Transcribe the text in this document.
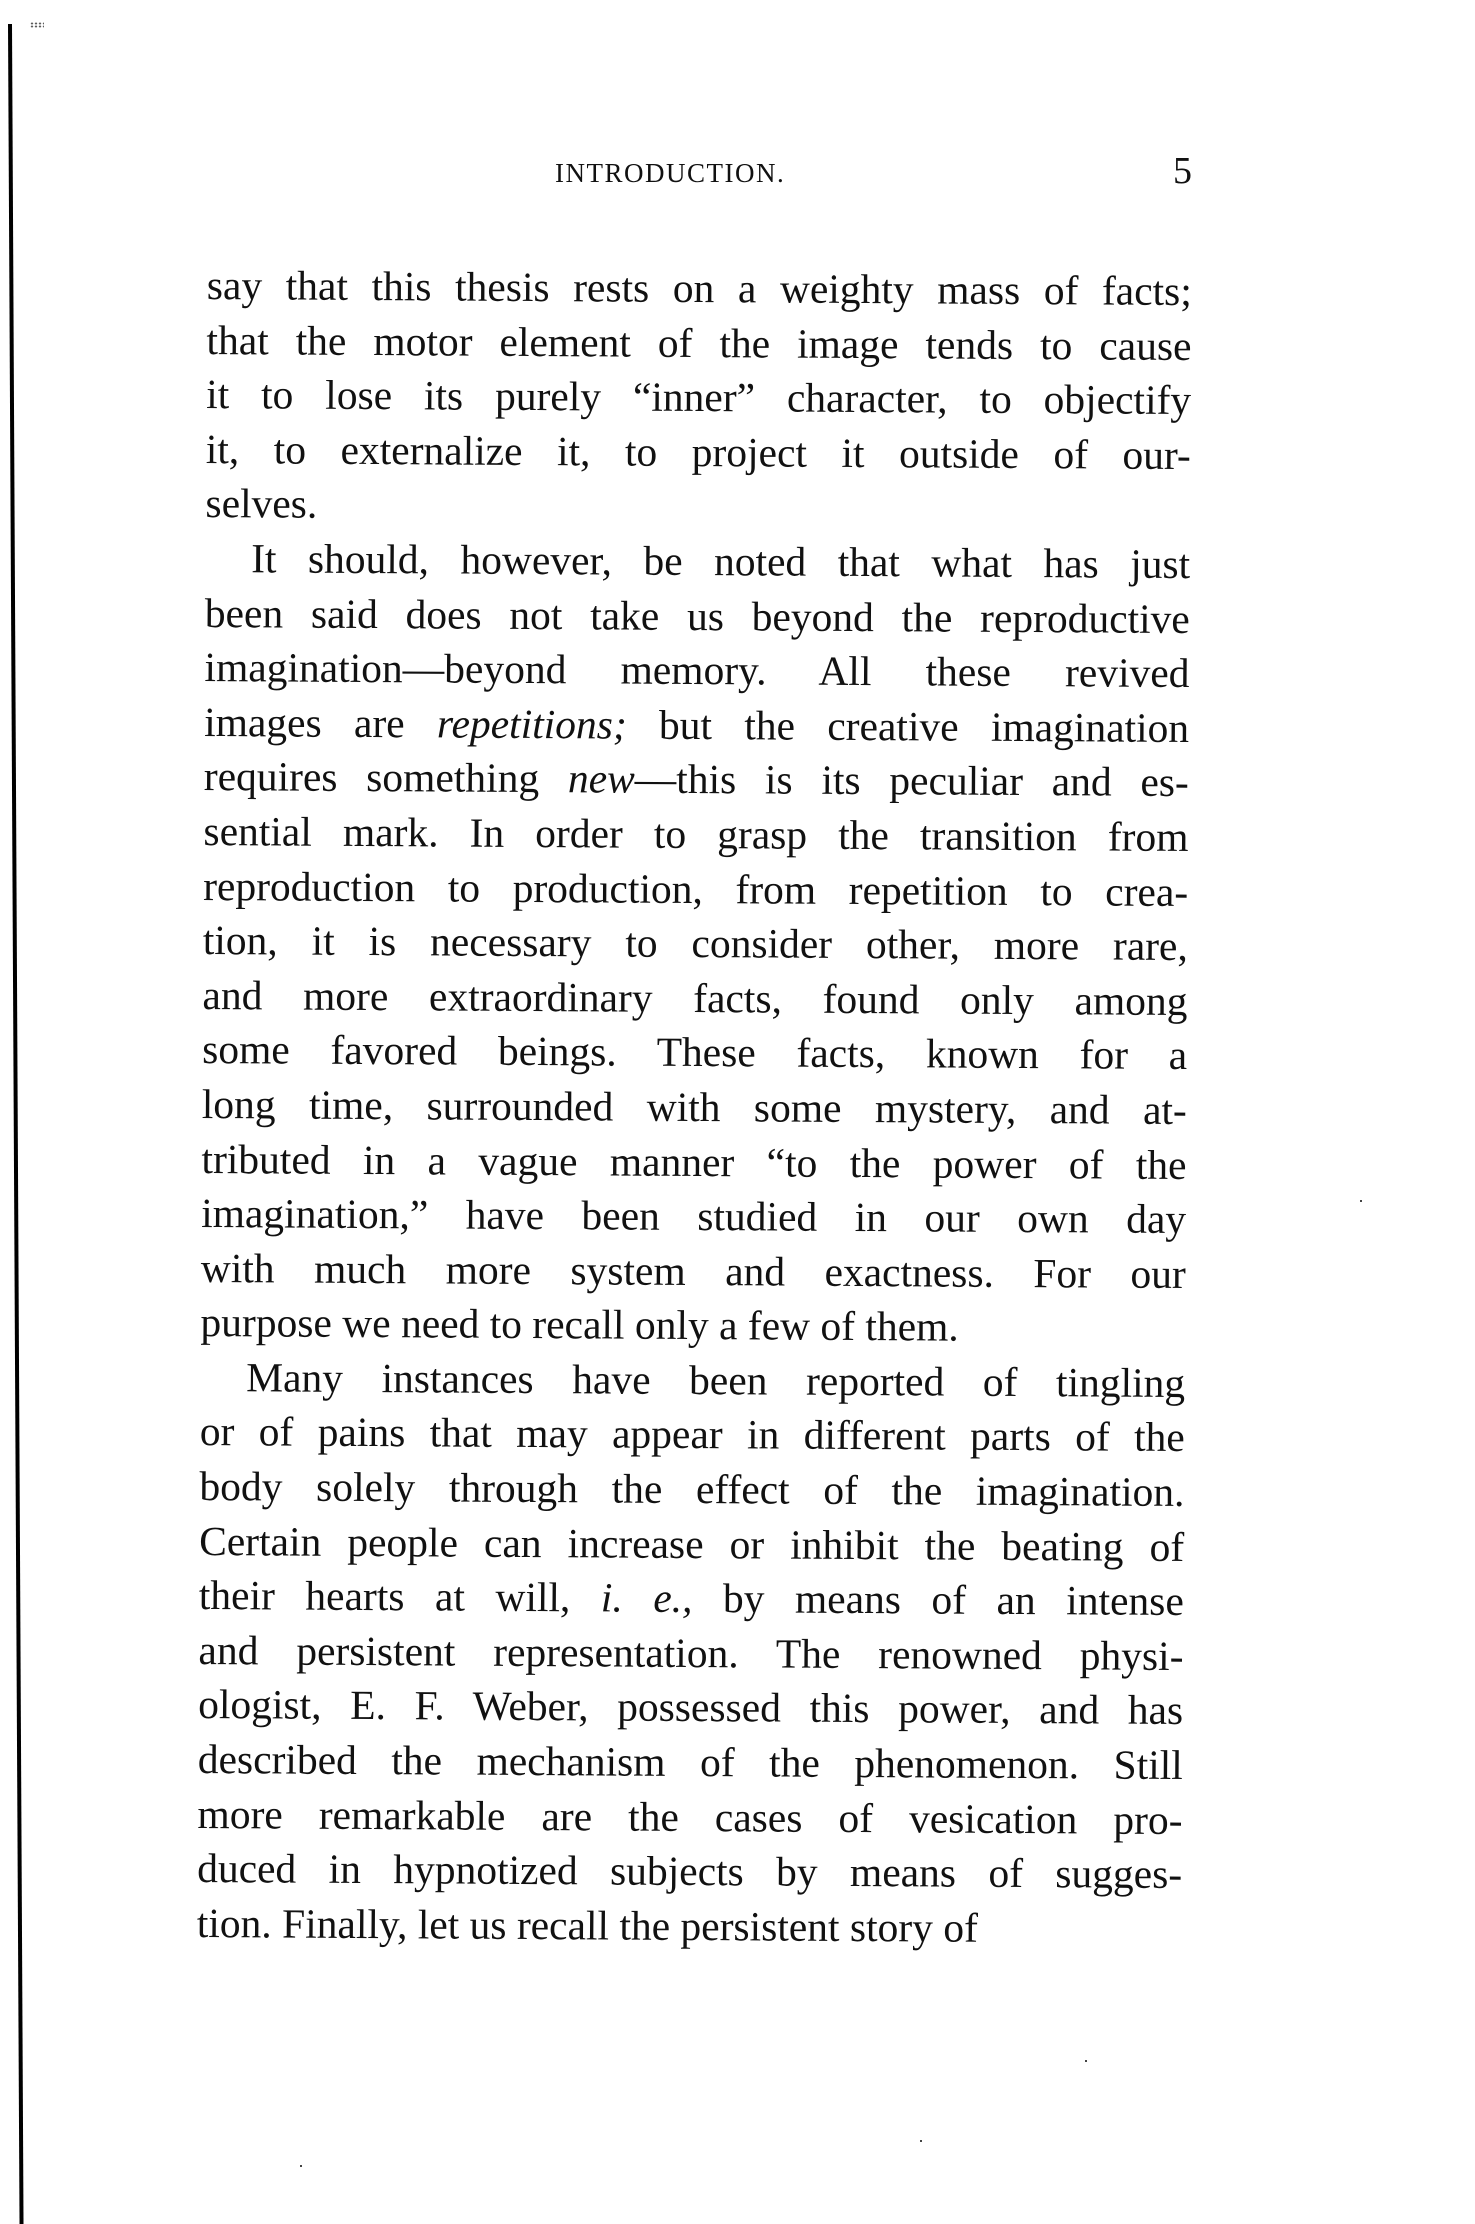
INTRODUCTION.	5

say that this thesis rests on a weighty mass of facts;
that the motor element of the image tends to cause
it to lose its purely “inner” character, to objectify
it, to externalize it, to project it outside of our-
selves.

It should, however, be noted that what has just
been said does not take us beyond the reproductive
imagination—beyond memory. All these revived
images are repetitions; but the creative imagination
requires something new—this is its peculiar and es-
sential mark. In order to grasp the transition from
reproduction to production, from repetition to crea-
tion, it is necessary to consider other, more rare,
and more extraordinary facts, found only among
some favored beings. These facts, known for a
long time, surrounded with some mystery, and at-
tributed in a vague manner “to the power of the
imagination,” have been studied in our own day
with much more system and exactness. For our
purpose we need to recall only a few of them.

Many instances have been reported of tingling
or of pains that may appear in different parts of the
body solely through the effect of the imagination.
Certain people can increase or inhibit the beating of
their hearts at will, i. e., by means of an intense
and persistent representation. The renowned physi-
ologist, E. F. Weber, possessed this power, and has
described the mechanism of the phenomenon. Still
more remarkable are the cases of vesication pro-
duced in hypnotized subjects by means of sugges-
tion. Finally, let us recall the persistent story of
